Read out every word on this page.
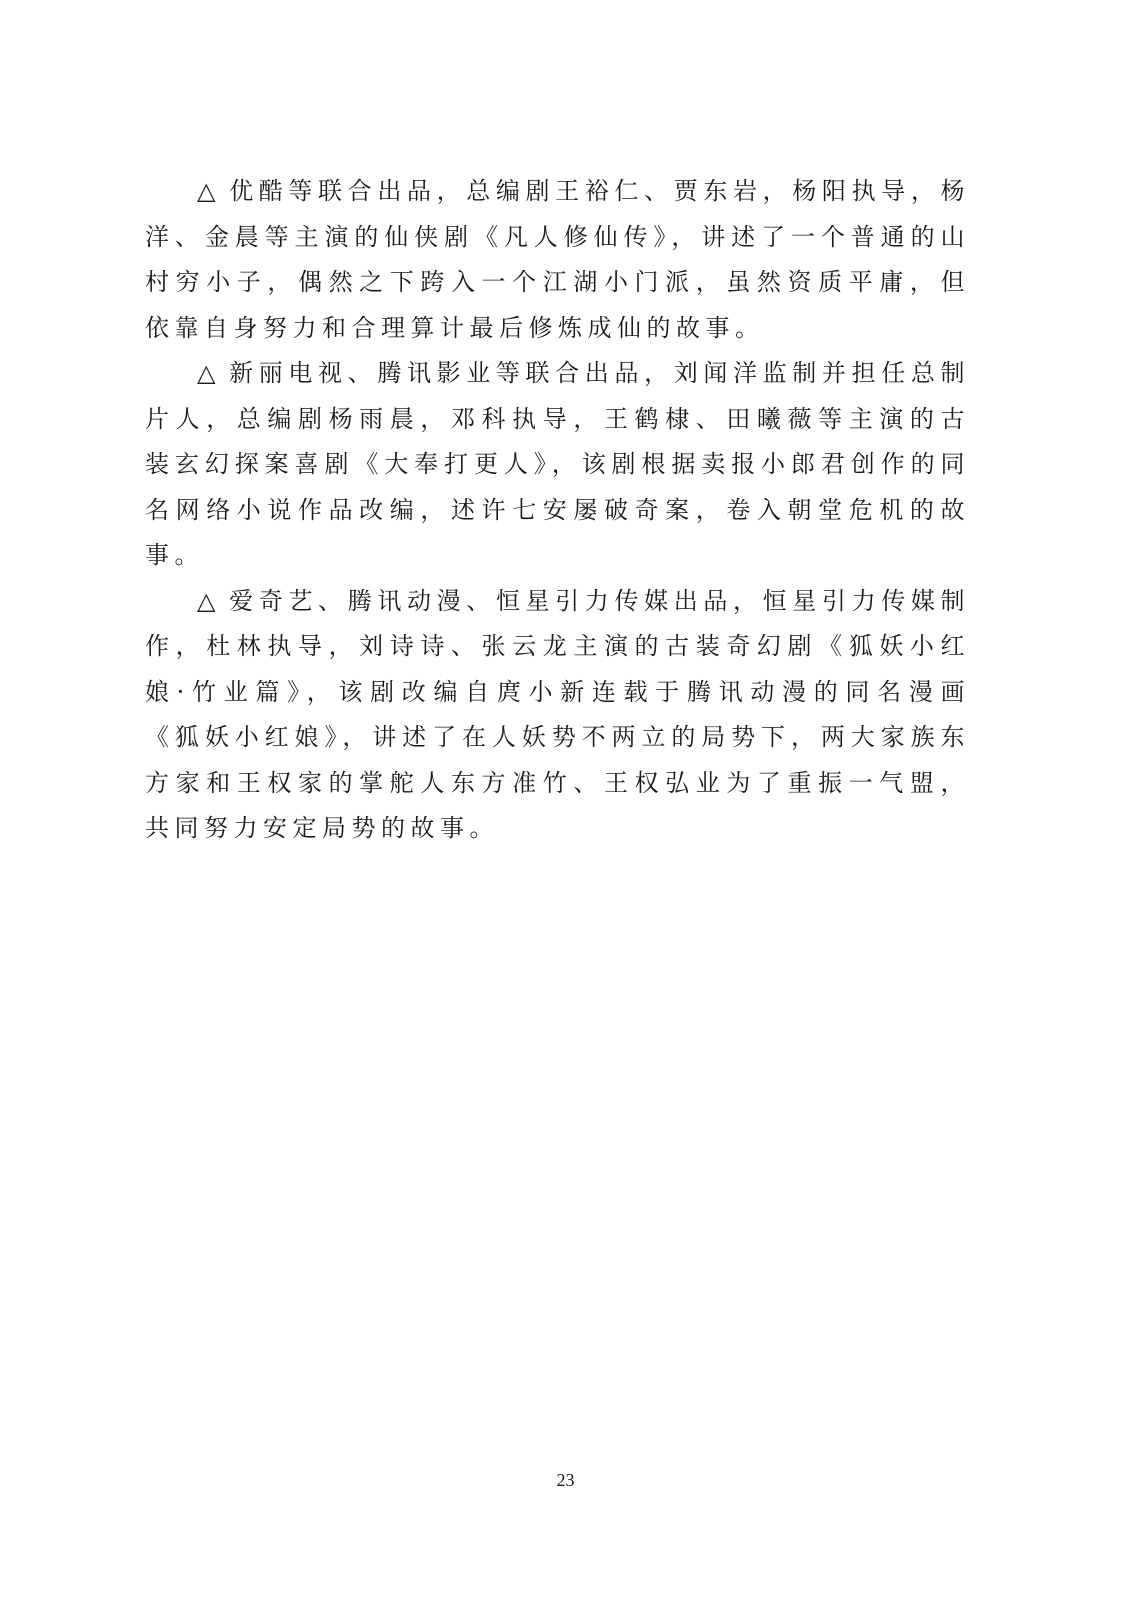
△ 优酷等联合出品，总编剧王裕仁、贾东岩，杨阳执导，杨洋、金晨等主演的仙侠剧《凡人修仙传》，讲述了一个普通的山村穷小子，偶然之下跨入一个江湖小门派，虽然资质平庸，但依靠自身努力和合理算计最后修炼成仙的故事。

△ 新丽电视、腾讯影业等联合出品，刘闻洋监制并担任总制片人，总编剧杨雨晨，邓科执导，王鹤棣、田曦薇等主演的古装玄幻探案喜剧《大奉打更人》，该剧根据卖报小郎君创作的同名网络小说作品改编，述许七安屡破奇案，卷入朝堂危机的故事。

△ 爱奇艺、腾讯动漫、恒星引力传媒出品，恒星引力传媒制作，杜林执导，刘诗诗、张云龙主演的古装奇幻剧《狐妖小红娘·竹业篇》，该剧改编自庹小新连载于腾讯动漫的同名漫画《狐妖小红娘》，讲述了在人妖势不两立的局势下，两大家族东方家和王权家的掌舵人东方准竹、王权弘业为了重振一气盟，共同努力安定局势的故事。

23
